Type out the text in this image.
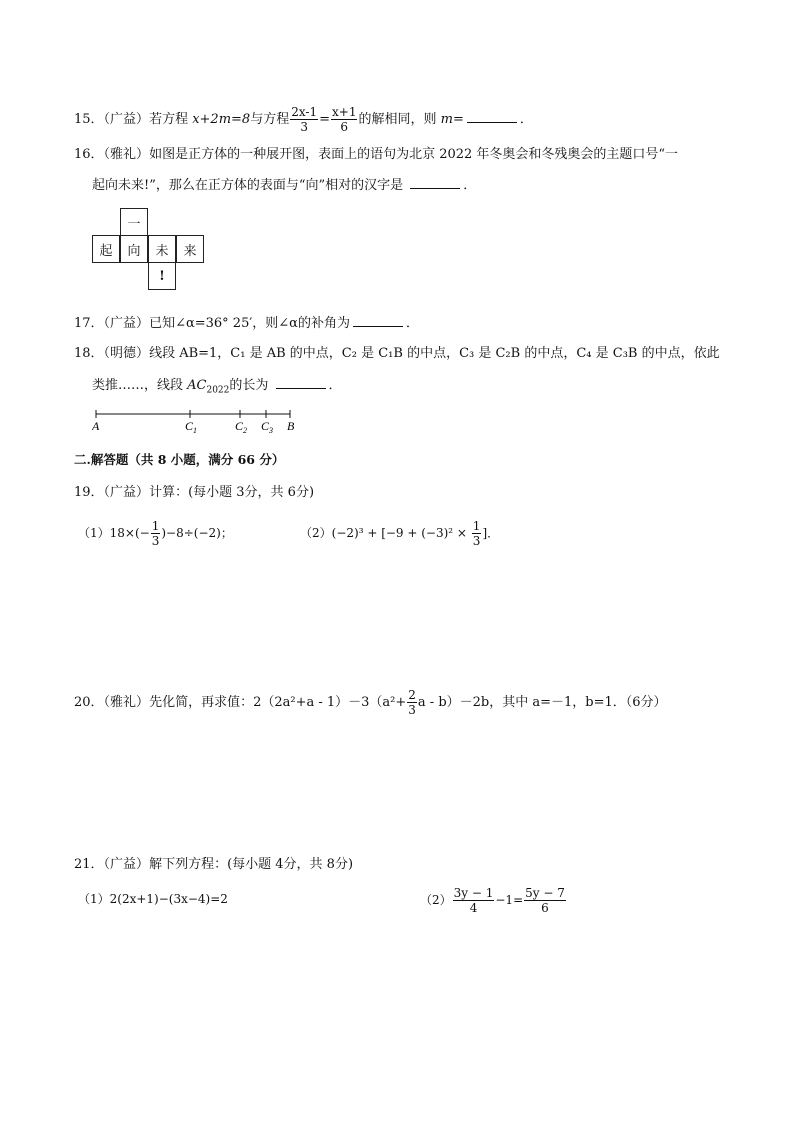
15．（广益）若方程 x+2m=8与方程 $\frac{2x-1}{3} = \frac{x+1}{6}$ 的解相同，则 m=	．
16．（雅礼）如图是正方体的一种展开图，表面上的语句为北京 2022 年冬奥会和冬残奥会的主题口号“一
起向未来!”，那么在正方体的表面与“向”相对的汉字是	．
一
起	向	未	来
!
17．（广益）已知∠α=36° 25′，则∠α的补角为	．
18．（明德）线段 AB=1，C₁ 是 AB 的中点，C₂ 是 C₁B 的中点，C₃ 是 C₂B 的中点，C₄ 是 C₃B 的中点，依此
类推……，线段 $AC_{2022}$的长为	．
A	$C_1$	$C_2$ $C_3$ B
二.解答题（共 8 小题，满分 66 分）
19．（广益）计算：(每小题 3分，共 6分)
$(1)18\times(- \frac{1}{3} )-8\div(-2)$；	$(2)(-2)^3 + [-9 + (-3)^2 \times \frac{1}{3}$ ]．
20．（雅礼）先化简，再求值：$2(2a^2+a - 1)-3(a^2+ \frac{2}{3}$ a - b）－2b，其中 a=－1，b=1．（6分）
21．（广益）解下列方程：(每小题 4分，共 8分)
（1）2(2x+1)−(3x−4)=2	$(2) \frac{3y - 1}{4} -1= \frac{5y - 7}{6}$
